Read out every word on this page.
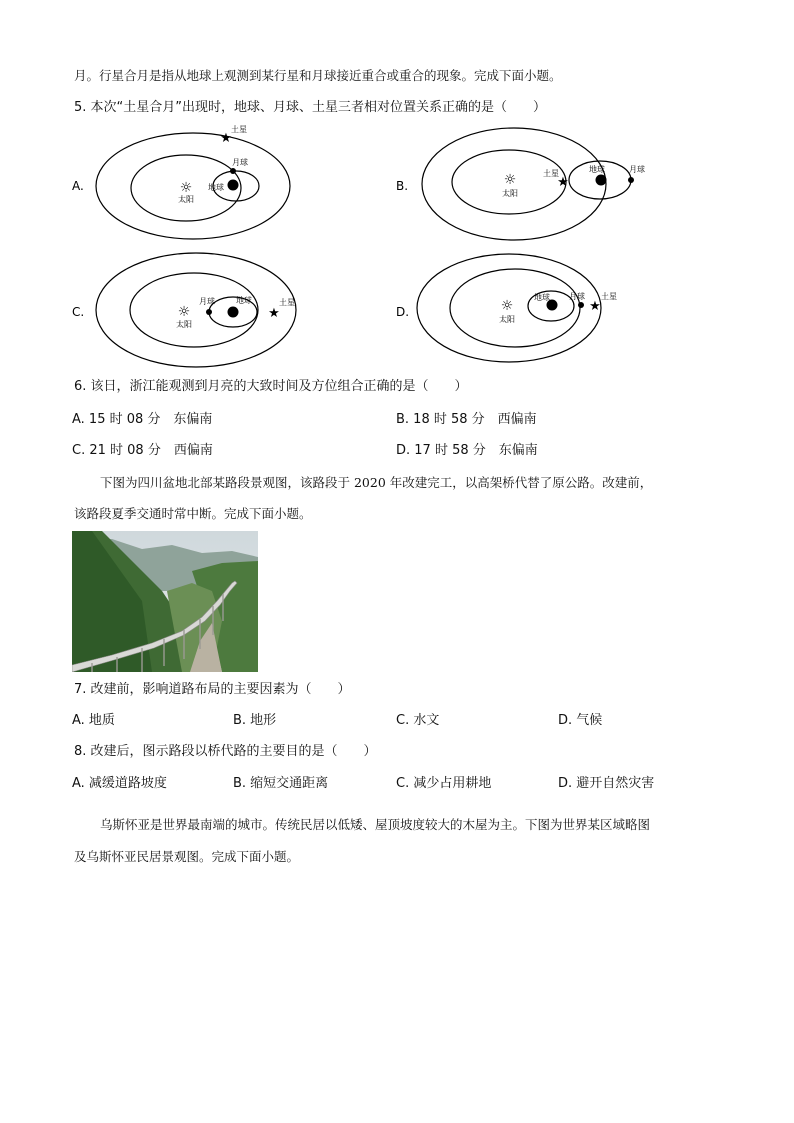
月。行星合月是指从地球上观测到某行星和月球接近重合或重合的现象。完成下面小题。
5. 本次“土星合月”出现时，地球、月球、土星三者相对位置关系正确的是（　　）
A.	☼
太阳
地球
月球
★
土星
B.	☼
太阳
★
土星	地球	月球
C.	☼
太阳
月球	地球
★
土星
D.	☼
太阳
地球 月球
★
土星
6. 该日，浙江能观测到月亮的大致时间及方位组合正确的是（　　）
A. 15 时 08 分　东偏南	B. 18 时 58 分　西偏南
C. 21 时 08 分　西偏南	D. 17 时 58 分　东偏南
下图为四川盆地北部某路段景观图，该路段于 2020 年改建完工，以高架桥代替了原公路。改建前，
该路段夏季交通时常中断。完成下面小题。
7. 改建前，影响道路布局的主要因素为（　　）
A. 地质	B. 地形	C. 水文	D. 气候
8. 改建后，图示路段以桥代路的主要目的是（　　）
A. 减缓道路坡度	B. 缩短交通距离	C. 减少占用耕地	D. 避开自然灾害
乌斯怀亚是世界最南端的城市。传统民居以低矮、屋顶坡度较大的木屋为主。下图为世界某区域略图
及乌斯怀亚民居景观图。完成下面小题。
